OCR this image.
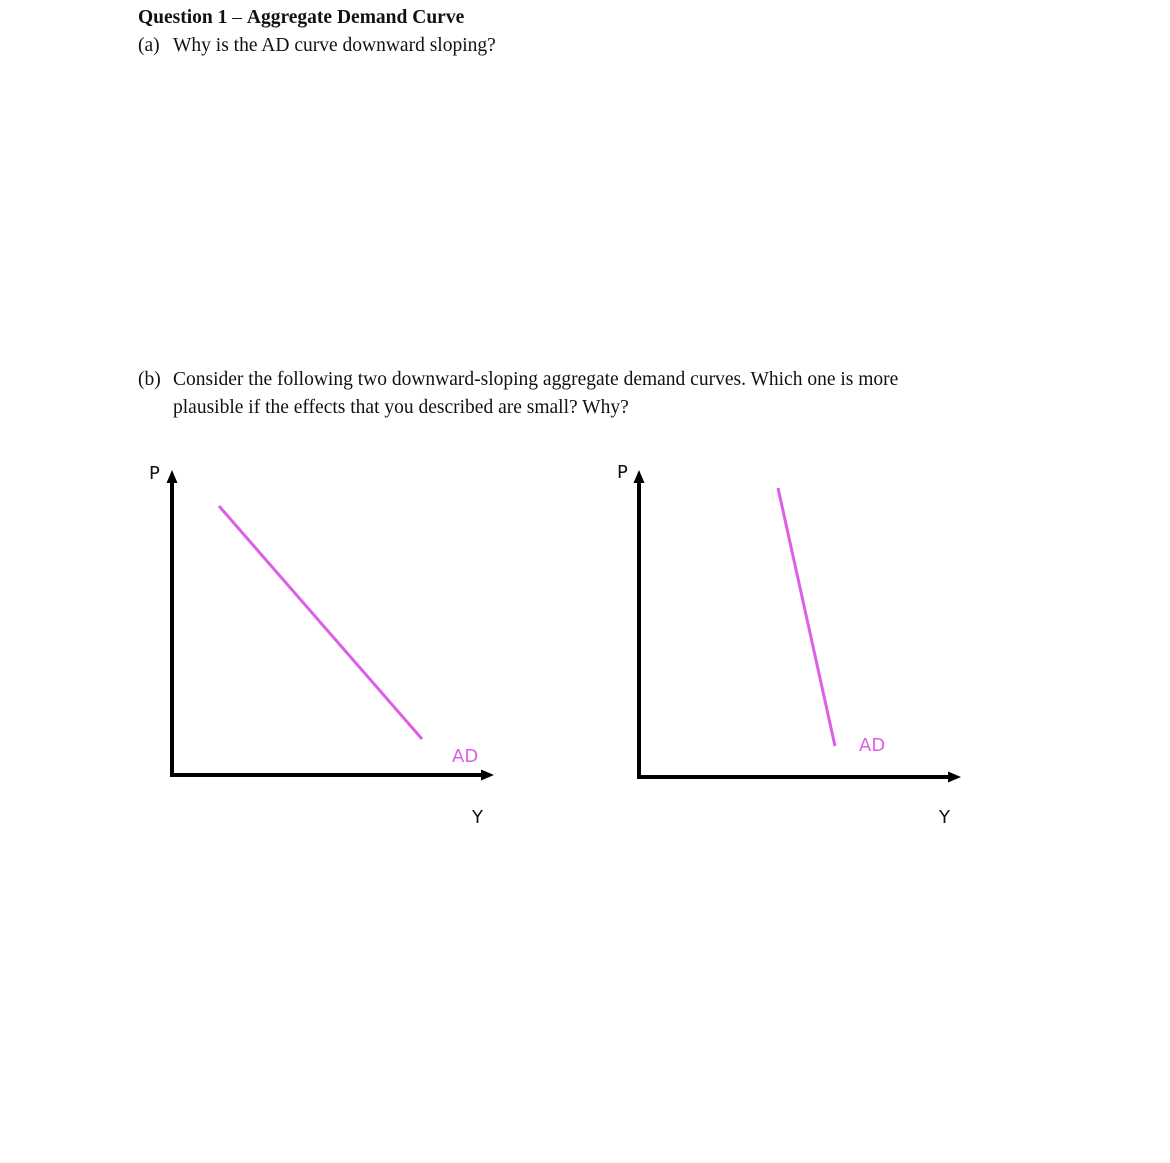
Question 1 – Aggregate Demand Curve
(a) Why is the AD curve downward sloping?
(b) Consider the following two downward-sloping aggregate demand curves. Which one is more
plausible if the effects that you described are small? Why?
P
Y
AD
P
Y
AD
